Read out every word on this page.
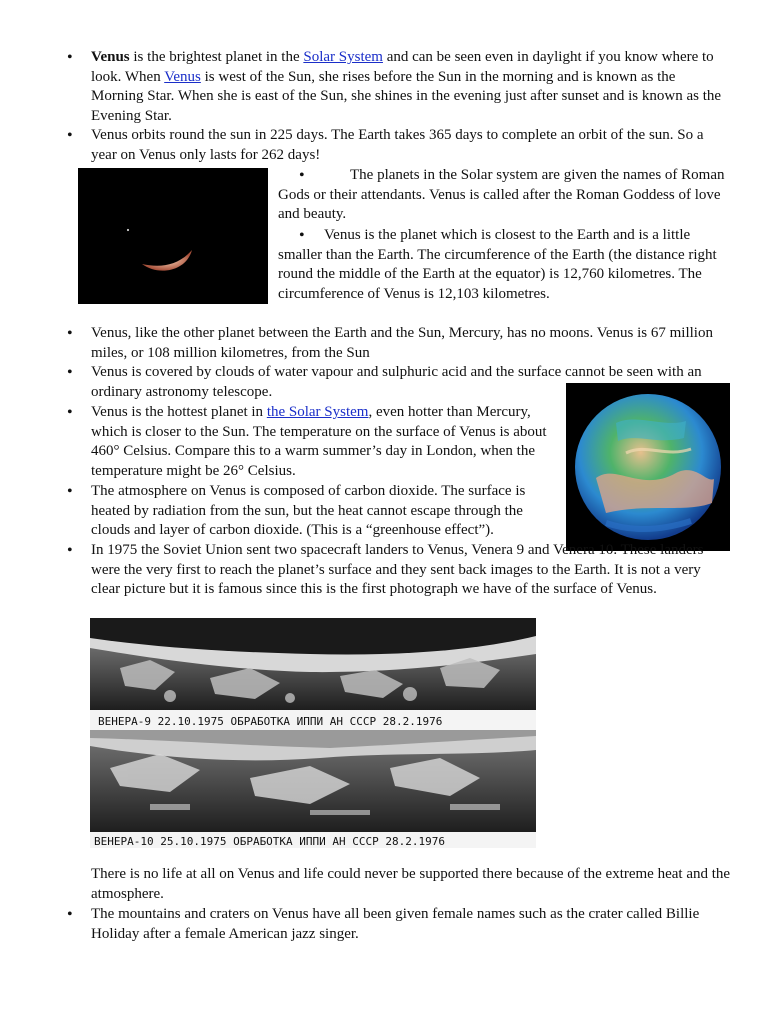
• Venus is the brightest planet in the Solar System and can be seen even in daylight if you know where to look. When Venus is west of the Sun, she rises before the Sun in the morning and is known as the Morning Star. When she is east of the Sun, she shines in the evening just after sunset and is known as the Evening Star.
• Venus orbits round the sun in 225 days. The Earth takes 365 days to complete an orbit of the sun. So a year on Venus only lasts for 262 days!
•	The planets in the Solar system are given the names of Roman Gods or their attendants. Venus is called after the Roman Goddess of love and beauty.
•	Venus is the planet which is closest to the Earth and is a little smaller than the Earth. The circumference of the Earth (the distance right round the middle of the Earth at the equator) is 12,760 kilometres. The circumference of Venus is 12,103 kilometres.
• Venus, like the other planet between the Earth and the Sun, Mercury, has no moons. Venus is 67 million miles, or 108 million kilometres, from the Sun
• Venus is covered by clouds of water vapour and sulphuric acid and the surface cannot be seen with an ordinary astronomy telescope.
• Venus is the hottest planet in the Solar System, even hotter than Mercury, which is closer to the Sun. The temperature on the surface of Venus is about 460° Celsius. Compare this to a warm summer’s day in London, when the temperature might be 26° Celsius.
• The atmosphere on Venus is composed of carbon dioxide. The surface is heated by radiation from the sun, but the heat cannot escape through the clouds and layer of carbon dioxide. (This is a “greenhouse effect”).
• In 1975 the Soviet Union sent two spacecraft landers to Venus, Venera 9 and Venera 10. These landers were the very first to reach the planet’s surface and they sent back images to the Earth. It is not a very clear picture but it is famous since this is the first photograph we have of the surface of Venus.
ВЕНЕРА-9 22.10.1975 ОБРАБОТКА ИППИ АН СССР 28.2.1976
ВЕНЕРА-10 25.10.1975 ОБРАБОТКА ИППИ АН СССР 28.2.1976
There is no life at all on Venus and life could never be supported there because of the extreme heat and the atmosphere.
• The mountains and craters on Venus have all been given female names such as the crater called Billie Holiday after a female American jazz singer.
